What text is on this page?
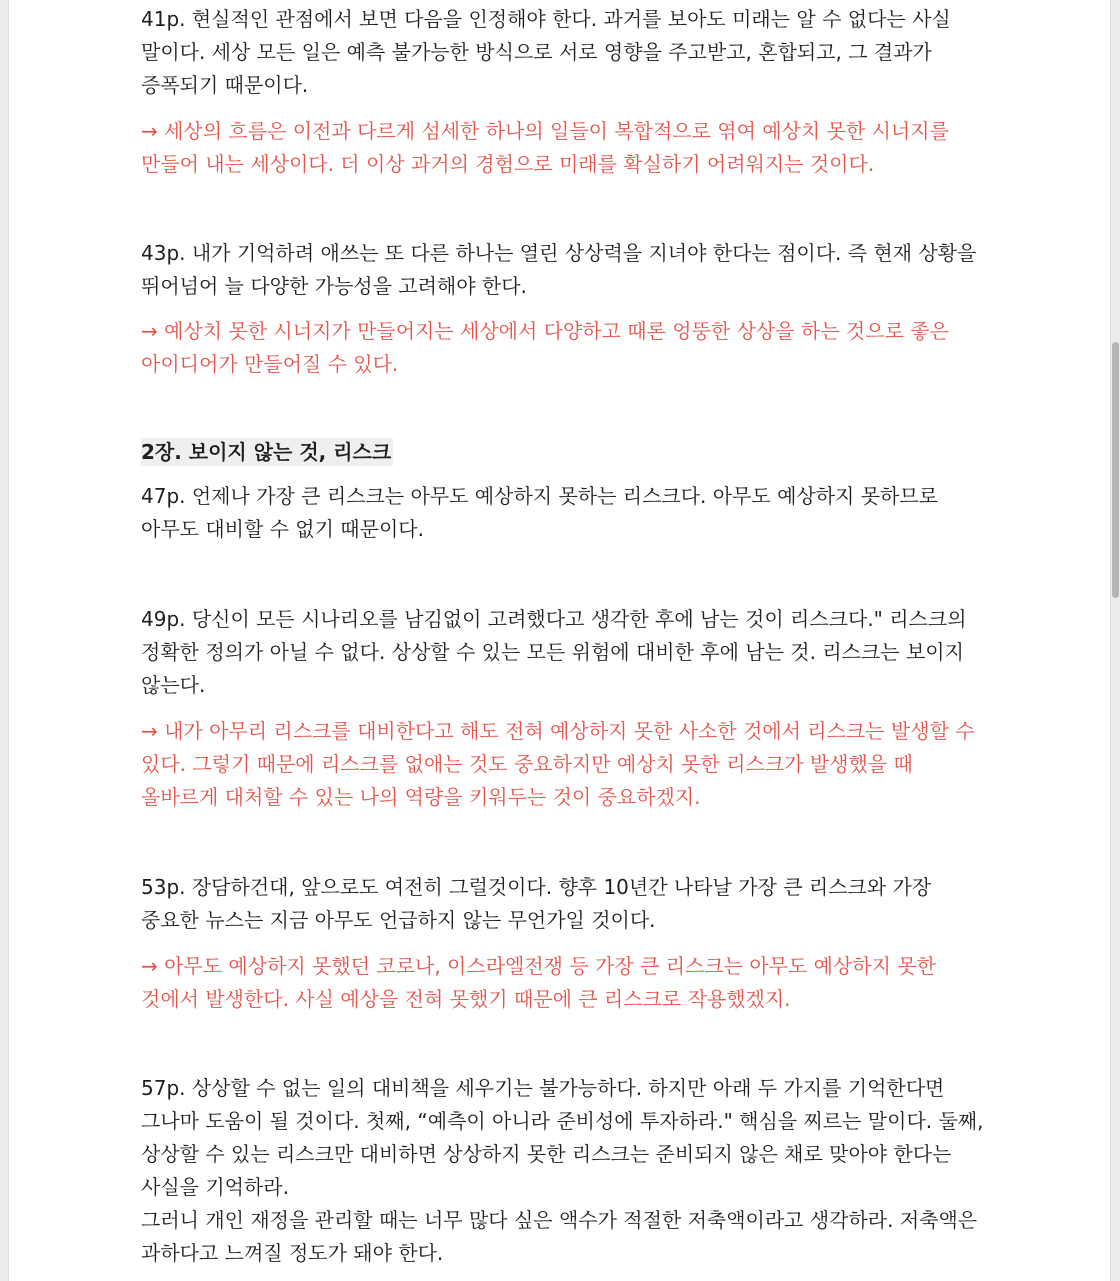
41p. 현실적인 관점에서 보면 다음을 인정해야 한다. 과거를 보아도 미래는 알 수 없다는 사실 말이다. 세상 모든 일은 예측 불가능한 방식으로 서로 영향을 주고받고, 혼합되고, 그 결과가 증폭되기 때문이다.

→ 세상의 흐름은 이전과 다르게 섬세한 하나의 일들이 복합적으로 엮여 예상치 못한 시너지를 만들어 내는 세상이다. 더 이상 과거의 경험으로 미래를 확실하기 어려워지는 것이다.

43p. 내가 기억하려 애쓰는 또 다른 하나는 열린 상상력을 지녀야 한다는 점이다. 즉 현재 상황을 뛰어넘어 늘 다양한 가능성을 고려해야 한다.

→ 예상치 못한 시너지가 만들어지는 세상에서 다양하고 때론 엉뚱한 상상을 하는 것으로 좋은 아이디어가 만들어질 수 있다.

2장. 보이지 않는 것, 리스크

47p. 언제나 가장 큰 리스크는 아무도 예상하지 못하는 리스크다. 아무도 예상하지 못하므로 아무도 대비할 수 없기 때문이다.

49p. 당신이 모든 시나리오를 남김없이 고려했다고 생각한 후에 남는 것이 리스크다." 리스크의 정확한 정의가 아닐 수 없다. 상상할 수 있는 모든 위험에 대비한 후에 남는 것. 리스크는 보이지 않는다.

→ 내가 아무리 리스크를 대비한다고 해도 전혀 예상하지 못한 사소한 것에서 리스크는 발생할 수 있다. 그렇기 때문에 리스크를 없애는 것도 중요하지만 예상치 못한 리스크가 발생했을 때 올바르게 대처할 수 있는 나의 역량을 키워두는 것이 중요하겠지.

53p. 장담하건대, 앞으로도 여전히 그럴것이다. 향후 10년간 나타날 가장 큰 리스크와 가장 중요한 뉴스는 지금 아무도 언급하지 않는 무언가일 것이다.

→ 아무도 예상하지 못했던 코로나, 이스라엘전쟁 등 가장 큰 리스크는 아무도 예상하지 못한 것에서 발생한다. 사실 예상을 전혀 못했기 때문에 큰 리스크로 작용했겠지.

57p. 상상할 수 없는 일의 대비책을 세우기는 불가능하다. 하지만 아래 두 가지를 기억한다면 그나마 도움이 될 것이다. 첫째, “예측이 아니라 준비성에 투자하라." 핵심을 찌르는 말이다. 둘째, 상상할 수 있는 리스크만 대비하면 상상하지 못한 리스크는 준비되지 않은 채로 맞아야 한다는 사실을 기억하라.
그러니 개인 재정을 관리할 때는 너무 많다 싶은 액수가 적절한 저축액이라고 생각하라. 저축액은 과하다고 느껴질 정도가 돼야 한다.
